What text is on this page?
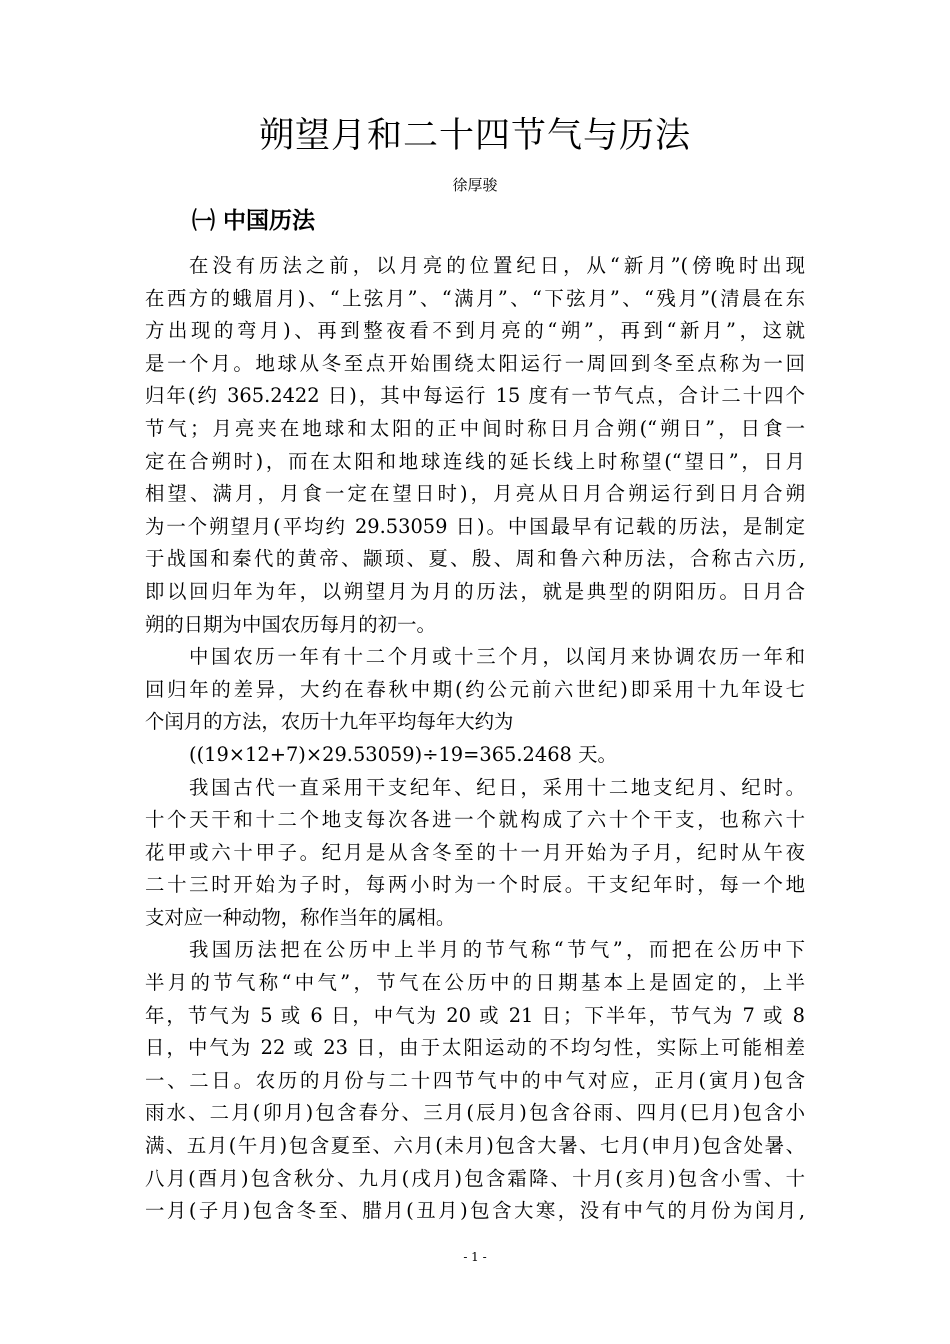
朔望月和二十四节气与历法
徐厚骏
㈠ 中国历法
在没有历法之前，以月亮的位置纪日，从“新月”(傍晚时出现
在西方的蛾眉月)、“上弦月”、“满月”、“下弦月”、“残月”(清晨在东
方出现的弯月)、再到整夜看不到月亮的“朔”，再到“新月”，这就
是一个月。地球从冬至点开始围绕太阳运行一周回到冬至点称为一回
归年(约 365.2422 日)，其中每运行 15 度有一节气点，合计二十四个
节气；月亮夹在地球和太阳的正中间时称日月合朔(“朔日”，日食一
定在合朔时)，而在太阳和地球连线的延长线上时称望(“望日”，日月
相望、满月，月食一定在望日时)，月亮从日月合朔运行到日月合朔
为一个朔望月(平均约 29.53059 日)。中国最早有记载的历法，是制定
于战国和秦代的黄帝、颛顼、夏、殷、周和鲁六种历法，合称古六历,
即以回归年为年，以朔望月为月的历法，就是典型的阴阳历。日月合
朔的日期为中国农历每月的初一。
中国农历一年有十二个月或十三个月，以闰月来协调农历一年和
回归年的差异，大约在春秋中期(约公元前六世纪)即采用十九年设七
个闰月的方法，农历十九年平均每年大约为
((19×12+7)×29.53059)÷19=365.2468 天。
我国古代一直采用干支纪年、纪日，采用十二地支纪月、纪时。
十个天干和十二个地支每次各进一个就构成了六十个干支，也称六十
花甲或六十甲子。纪月是从含冬至的十一月开始为子月，纪时从午夜
二十三时开始为子时，每两小时为一个时辰。干支纪年时，每一个地
支对应一种动物，称作当年的属相。
我国历法把在公历中上半月的节气称“节气”，而把在公历中下
半月的节气称“中气”，节气在公历中的日期基本上是固定的，上半
年，节气为 5 或 6 日，中气为 20 或 21 日；下半年，节气为 7 或 8
日，中气为 22 或 23 日，由于太阳运动的不均匀性，实际上可能相差
一、二日。农历的月份与二十四节气中的中气对应，正月(寅月)包含
雨水、二月(卯月)包含春分、三月(辰月)包含谷雨、四月(巳月)包含小
满、五月(午月)包含夏至、六月(未月)包含大暑、七月(申月)包含处暑、
八月(酉月)包含秋分、九月(戌月)包含霜降、十月(亥月)包含小雪、十
一月(子月)包含冬至、腊月(丑月)包含大寒，没有中气的月份为闰月,
- 1 -
